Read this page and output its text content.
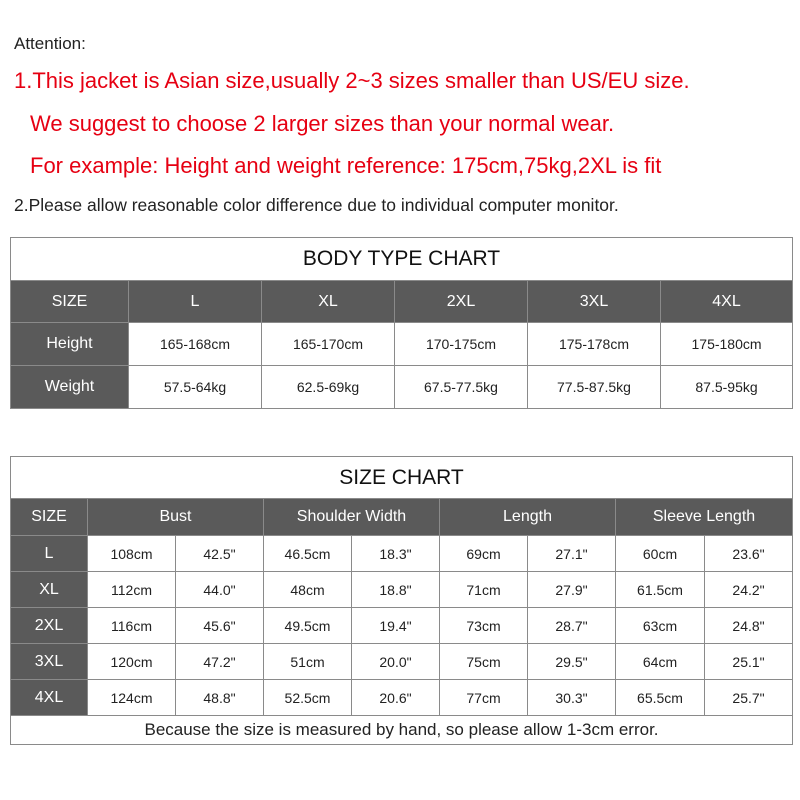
Attention:
1.This jacket is Asian size,usually 2~3 sizes smaller than US/EU size.
We suggest to choose 2 larger sizes than your normal wear.
For example: Height and weight reference: 175cm,75kg,2XL is fit
2.Please allow reasonable color difference due to individual computer monitor.
BODY TYPE CHART					
SIZE	L	XL	2XL	3XL	4XL
Height	165-168cm	165-170cm	170-175cm	175-178cm	175-180cm
Weight	57.5-64kg	62.5-69kg	67.5-77.5kg	77.5-87.5kg	87.5-95kg
SIZE CHART								
SIZE	Bust		Shoulder Width		Length		Sleeve Length	
L	108cm	42.5"	46.5cm	18.3"	69cm	27.1"	60cm	23.6"
XL	112cm	44.0"	48cm	18.8"	71cm	27.9"	61.5cm	24.2"
2XL	116cm	45.6"	49.5cm	19.4"	73cm	28.7"	63cm	24.8"
3XL	120cm	47.2"	51cm	20.0"	75cm	29.5"	64cm	25.1"
4XL	124cm	48.8"	52.5cm	20.6"	77cm	30.3"	65.5cm	25.7"
Because the size is measured by hand, so please allow 1-3cm error.								
